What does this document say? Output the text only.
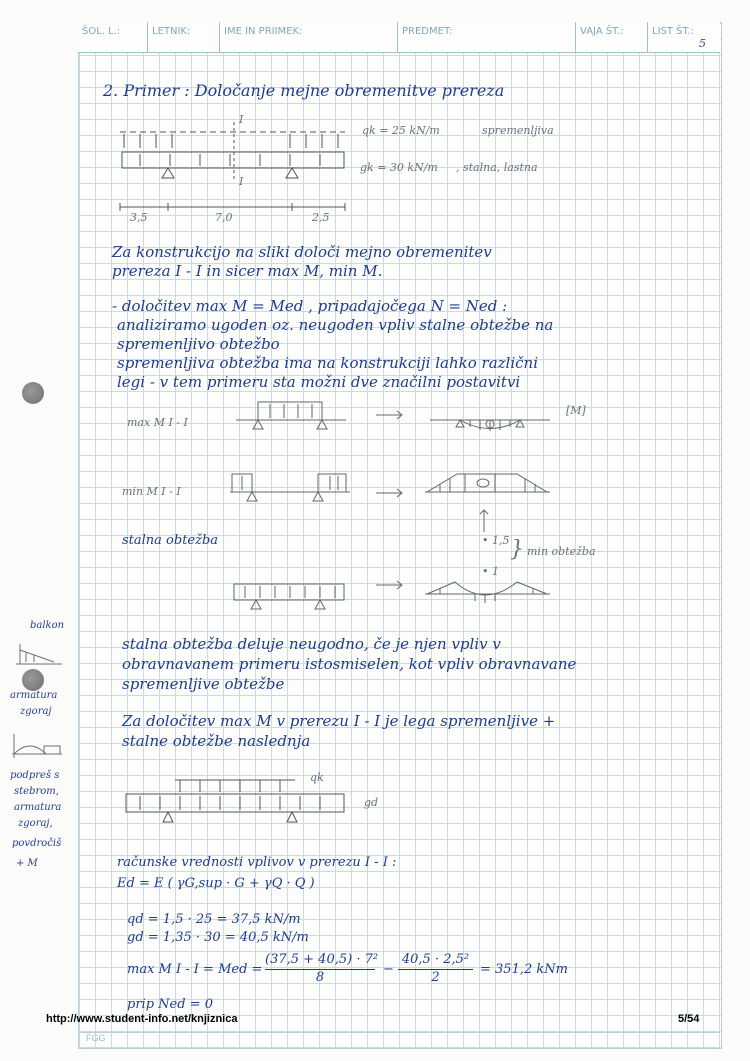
ŠOL. L.:	LETNIK:	IME IN PRIIMEK:	PREDMET:	VAJA ŠT.:	LIST ŠT.:
5
2. Primer : Določanje mejne obremenitve prereza
I
I
qk = 25 kN/m	spremenljiva
gk = 30 kN/m , stalna, lastna
3,5	7,0	2,5
Za konstrukcijo na sliki določi mejno obremenitev
prereza I - I in sicer max M, min M.
- določitev max M = Med , pripadajočega N = Ned :
analiziramo ugoden oz. neugoden vpliv stalne obtežbe na
spremenljivo obtežbo
spremenljiva obtežba ima na konstrukciji lahko različni
legi - v tem primeru sta možni dve značilni postavitvi
max M I - I
[M]
min M I - I
stalna obtežba	• 1,5 } min obtežba
• 1
stalna obtežba deluje neugodno, če je njen vpliv v
obravnavanem primeru istosmiselen, kot vpliv obravnavane
spremenljive obtežbe
Za določitev max M v prerezu I - I je lega spremenljive +
stalne obtežbe naslednja
qk
gd
računske vrednosti vplivov v prerezu I - I :
Ed = E ( γG,sup · G + γQ · Q )
qd = 1,5 · 25 = 37,5 kN/m
gd = 1,35 · 30 = 40,5 kN/m
max M I - I = Med =
(37,5 + 40,5) · 7²
8
−
40,5 · 2,5²
2
= 351,2 kNm
prip Ned = 0
balkon
armatura
zgoraj
podpreš s
stebrom,
armatura
zgoraj,
povdročiš
+ M
FGG
http://www.student-info.net/knjiznica	5/54
